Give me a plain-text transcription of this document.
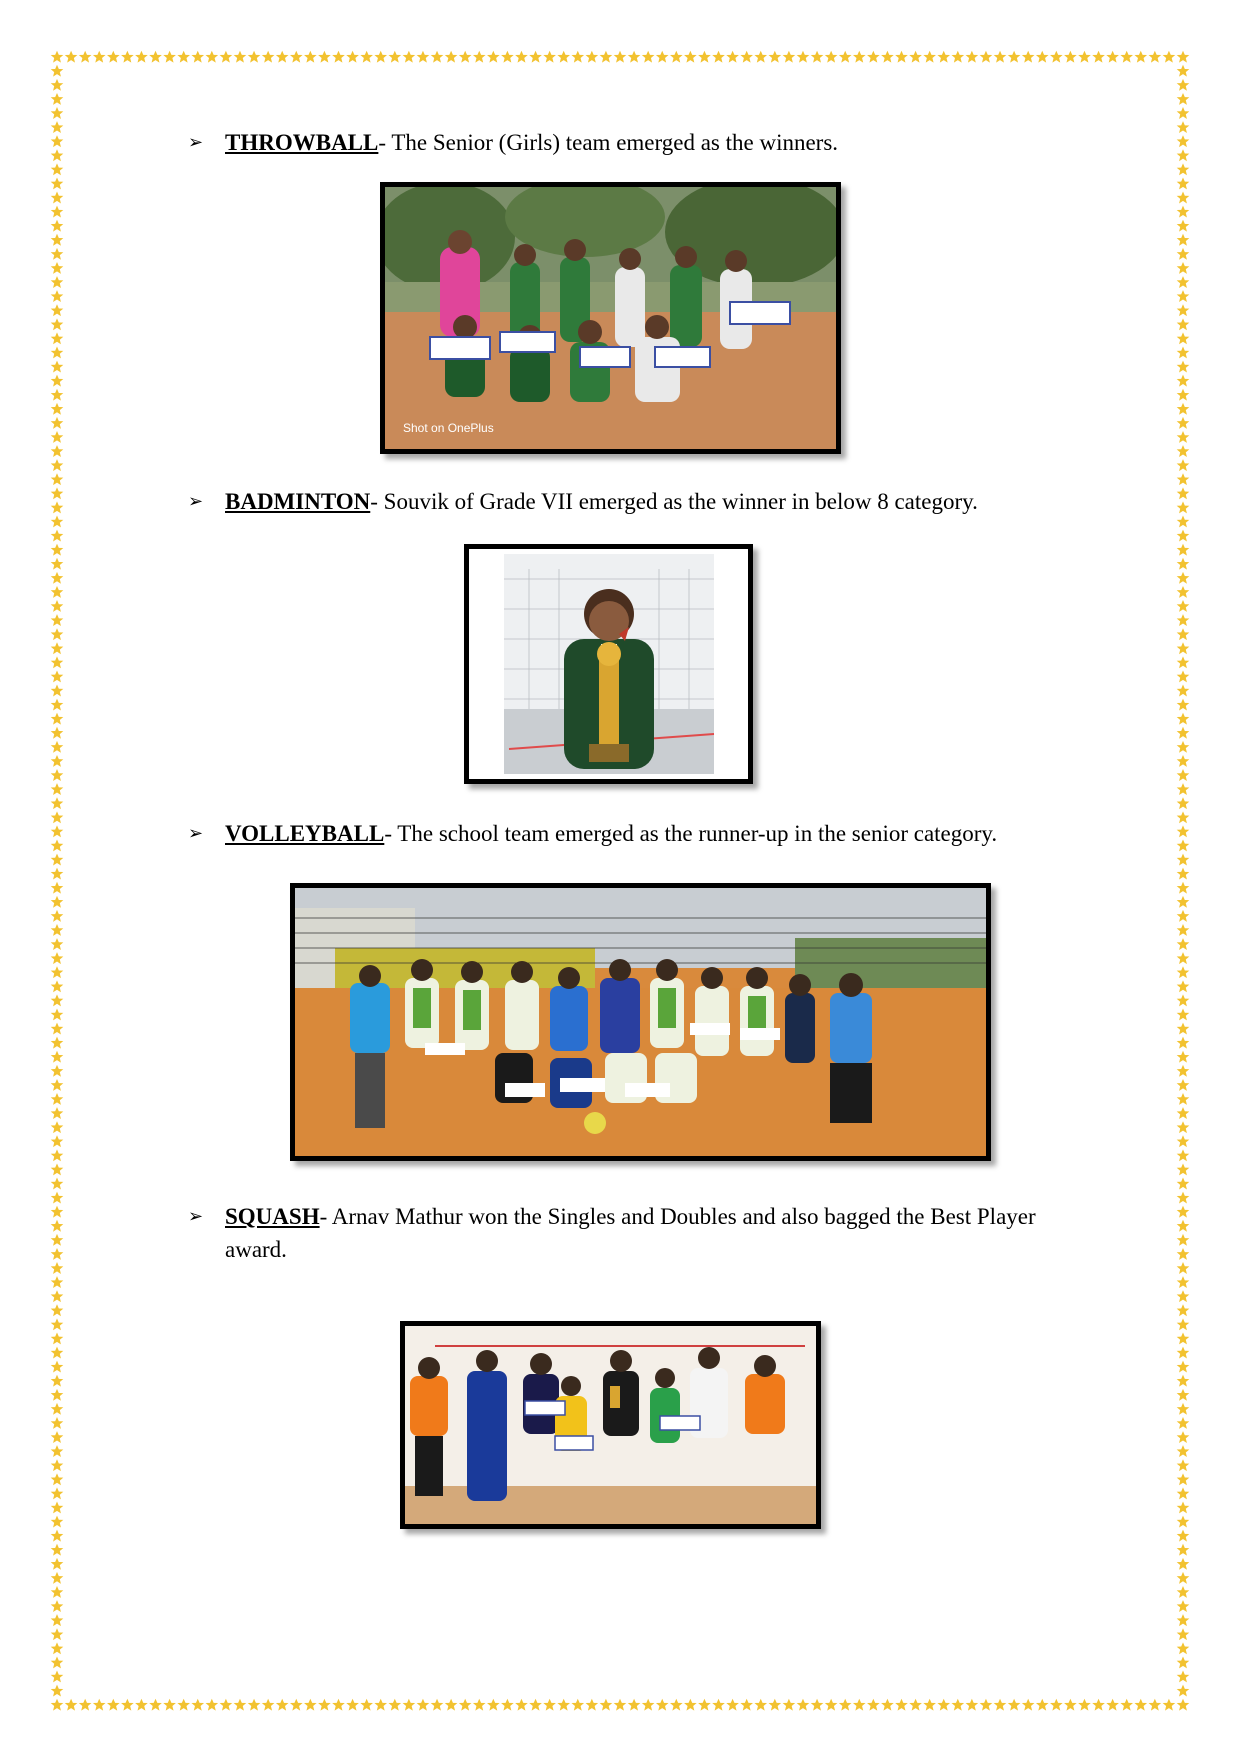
➢ THROWBALL- The Senior (Girls) team emerged as the winners.
Shot on OnePlus
➢ BADMINTON- Souvik of Grade VII emerged as the winner in below 8 category.
➢ VOLLEYBALL- The school team emerged as the runner-up in the senior category.
➢ SQUASH- Arnav Mathur won the Singles and Doubles and also bagged the Best Player award.
